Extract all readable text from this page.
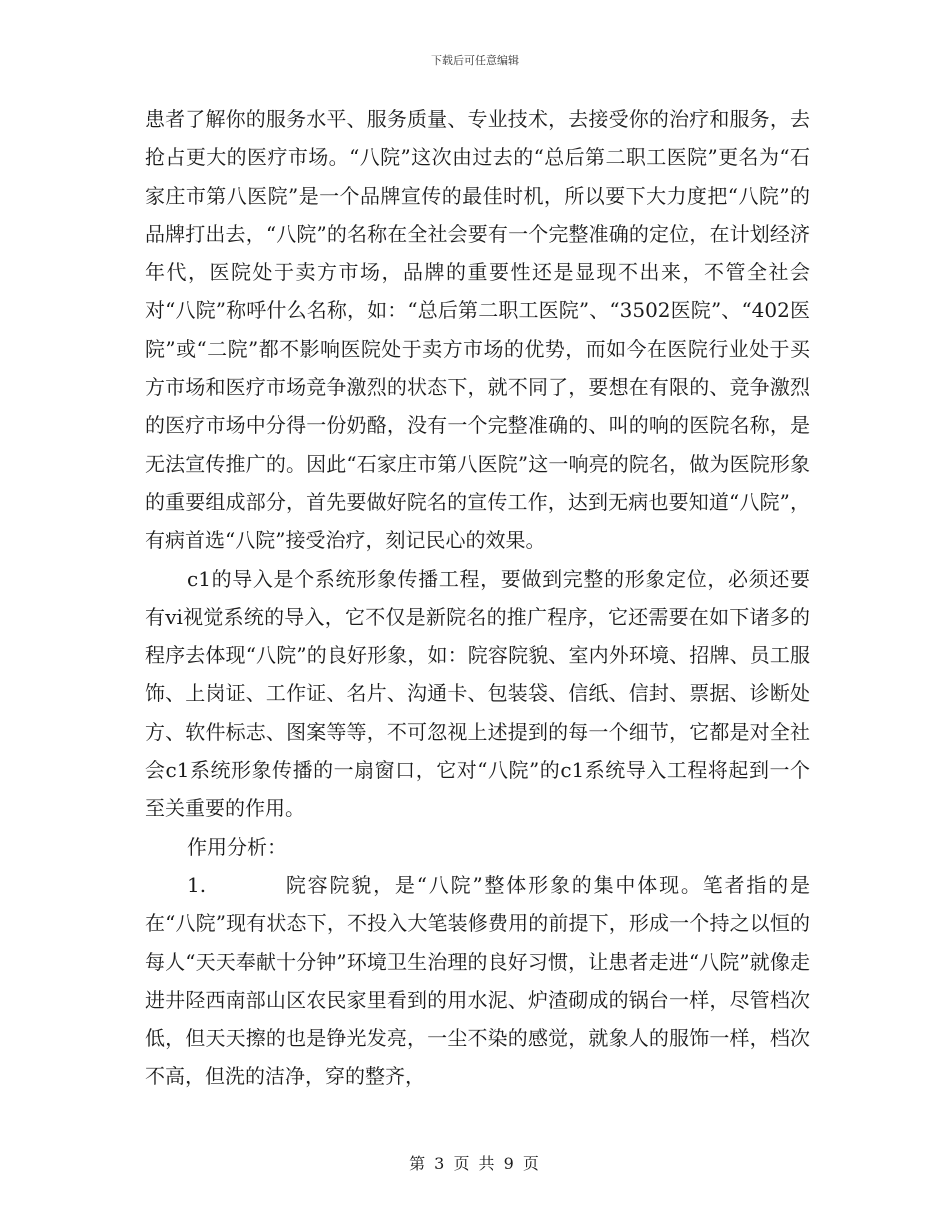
下载后可任意编辑

患者了解你的服务水平、服务质量、专业技术，去接受你的治疗和服务，去抢占更大的医疗市场。“八院”这次由过去的“总后第二职工医院”更名为“石家庄市第八医院”是一个品牌宣传的最佳时机，所以要下大力度把“八院”的品牌打出去，“八院”的名称在全社会要有一个完整准确的定位，在计划经济年代，医院处于卖方市场，品牌的重要性还是显现不出来，不管全社会对“八院”称呼什么名称，如：“总后第二职工医院”、“3502医院”、“402医院”或“二院”都不影响医院处于卖方市场的优势，而如今在医院行业处于买方市场和医疗市场竞争激烈的状态下，就不同了，要想在有限的、竞争激烈的医疗市场中分得一份奶酪，没有一个完整准确的、叫的响的医院名称，是无法宣传推广的。因此“石家庄市第八医院”这一响亮的院名，做为医院形象的重要组成部分，首先要做好院名的宣传工作，达到无病也要知道“八院”，有病首选“八院”接受治疗，刻记民心的效果。

c1的导入是个系统形象传播工程，要做到完整的形象定位，必须还要有vi视觉系统的导入，它不仅是新院名的推广程序，它还需要在如下诸多的程序去体现“八院”的良好形象，如：院容院貌、室内外环境、招牌、员工服饰、上岗证、工作证、名片、沟通卡、包装袋、信纸、信封、票据、诊断处方、软件标志、图案等等，不可忽视上述提到的每一个细节，它都是对全社会c1系统形象传播的一扇窗口，它对“八院”的c1系统导入工程将起到一个至关重要的作用。

作用分析：

1.	院容院貌，是“八院”整体形象的集中体现。笔者指的是在“八院”现有状态下，不投入大笔装修费用的前提下，形成一个持之以恒的每人“天天奉献十分钟”环境卫生治理的良好习惯，让患者走进“八院”就像走进井陉西南部山区农民家里看到的用水泥、炉渣砌成的锅台一样，尽管档次低，但天天擦的也是铮光发亮，一尘不染的感觉，就象人的服饰一样，档次不高，但洗的洁净，穿的整齐，

第 3 页 共 9 页
